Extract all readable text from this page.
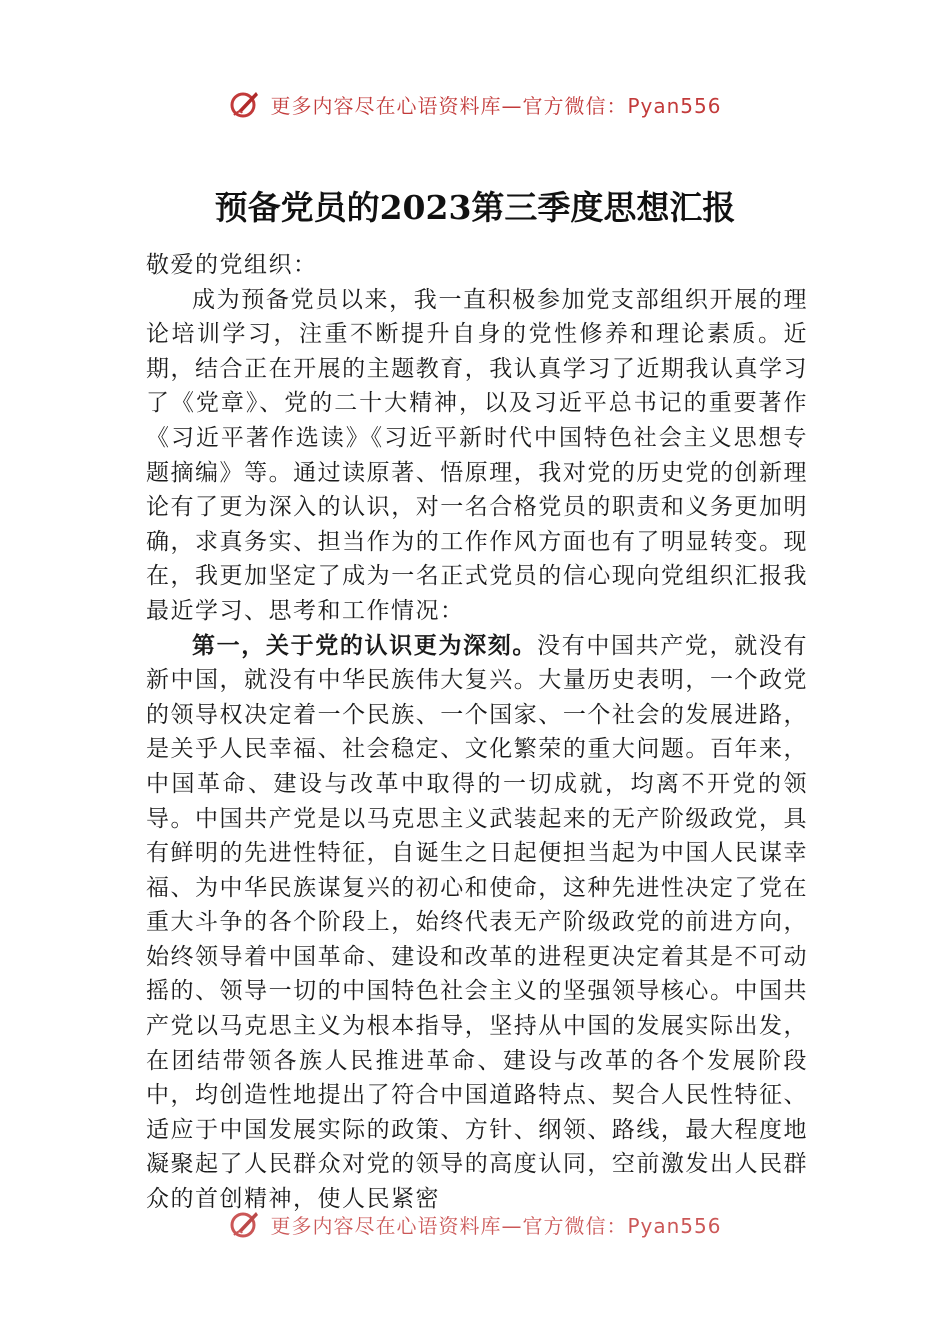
更多内容尽在心语资料库—官方微信：Pyan556
预备党员的2023第三季度思想汇报

敬爱的党组织：

成为预备党员以来，我一直积极参加党支部组织开展的理论培训学习，注重不断提升自身的党性修养和理论素质。近期，结合正在开展的主题教育，我认真学习了近期我认真学习了《党章》、党的二十大精神，以及习近平总书记的重要著作《习近平著作选读》《习近平新时代中国特色社会主义思想专题摘编》等。通过读原著、悟原理，我对党的历史党的创新理论有了更为深入的认识，对一名合格党员的职责和义务更加明确，求真务实、担当作为的工作作风方面也有了明显转变。现在，我更加坚定了成为一名正式党员的信心现向党组织汇报我最近学习、思考和工作情况：

第一，关于党的认识更为深刻。没有中国共产党，就没有新中国，就没有中华民族伟大复兴。大量历史表明，一个政党的领导权决定着一个民族、一个国家、一个社会的发展进路，是关乎人民幸福、社会稳定、文化繁荣的重大问题。百年来，中国革命、建设与改革中取得的一切成就，均离不开党的领导。中国共产党是以马克思主义武装起来的无产阶级政党，具有鲜明的先进性特征，自诞生之日起便担当起为中国人民谋幸福、为中华民族谋复兴的初心和使命，这种先进性决定了党在重大斗争的各个阶段上，始终代表无产阶级政党的前进方向，始终领导着中国革命、建设和改革的进程更决定着其是不可动摇的、领导一切的中国特色社会主义的坚强领导核心。中国共产党以马克思主义为根本指导，坚持从中国的发展实际出发，在团结带领各族人民推进革命、建设与改革的各个发展阶段中，均创造性地提出了符合中国道路特点、契合人民性特征、适应于中国发展实际的政策、方针、纲领、路线，最大程度地凝聚起了人民群众对党的领导的高度认同，空前激发出人民群众的首创精神，使人民紧密

更多内容尽在心语资料库—官方微信：Pyan556
